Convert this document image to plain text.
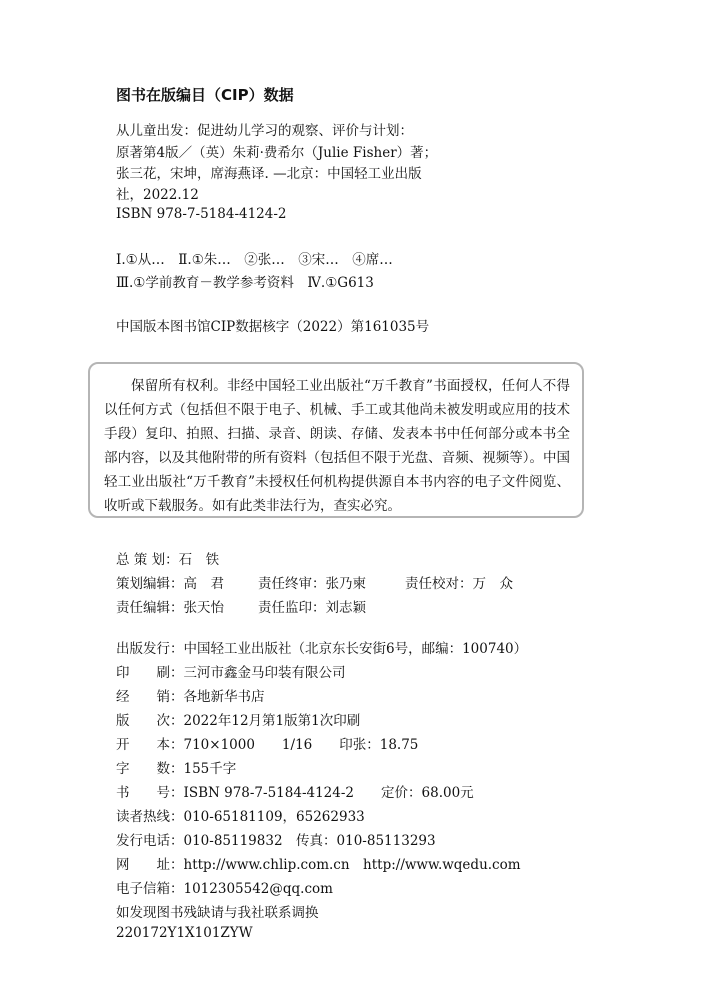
图书在版编目（CIP）数据
从儿童出发：促进幼儿学习的观察、评价与计划：
原著第4版／（英）朱莉·费希尔（Julie Fisher）著；
张三花，宋坤，席海燕译. —北京：中国轻工业出版
社，2022.12
ISBN 978-7-5184-4124-2
Ⅰ.①从…　Ⅱ.①朱…　②张…　③宋…　④席…
Ⅲ.①学前教育－教学参考资料　Ⅳ.①G613
中国版本图书馆CIP数据核字（2022）第161035号
保留所有权利。非经中国轻工业出版社“万千教育”书面授权，任何人不得以任何方式（包括但不限于电子、机械、手工或其他尚未被发明或应用的技术手段）复印、拍照、扫描、录音、朗读、存储、发表本书中任何部分或本书全部内容，以及其他附带的所有资料（包括但不限于光盘、音频、视频等）。中国轻工业出版社“万千教育”未授权任何机构提供源自本书内容的电子文件阅览、收听或下载服务。如有此类非法行为，查实必究。
总 策 划：石　铁
策划编辑：高　君	责任终审：张乃柬	责任校对：万　众
责任编辑：张天怡	责任监印：刘志颖
出版发行：中国轻工业出版社（北京东长安街6号，邮编：100740）
印　　刷：三河市鑫金马印装有限公司
经　　销：各地新华书店
版　　次：2022年12月第1版第1次印刷
开　　本：710×1000　　1/16　　印张：18.75
字　　数：155千字
书　　号：ISBN 978-7-5184-4124-2　　定价：68.00元
读者热线：010-65181109，65262933
发行电话：010-85119832　传真：010-85113293
网　　址：http://www.chlip.com.cn　http://www.wqedu.com
电子信箱：1012305542@qq.com
如发现图书残缺请与我社联系调换
220172Y1X101ZYW
